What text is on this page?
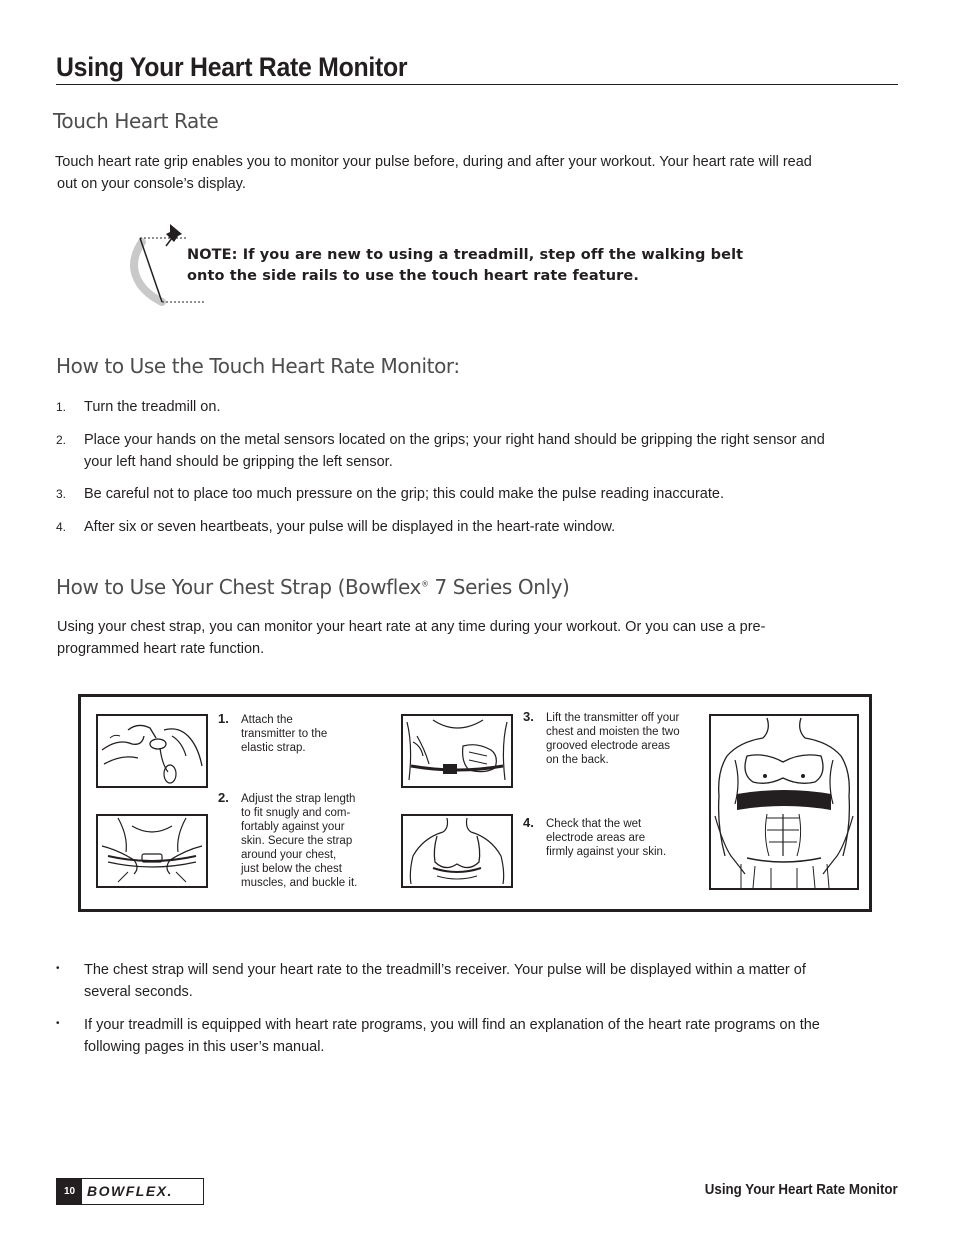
Using Your Heart Rate Monitor
Touch Heart Rate
Touch heart rate grip enables you to monitor your pulse before, during and after your workout. Your heart rate will read
out on your console’s display.
NOTE: If you are new to using a treadmill, step off the walking belt
onto the side rails to use the touch heart rate feature.
How to Use the Touch Heart Rate Monitor:
1. Turn the treadmill on.
2. Place your hands on the metal sensors located on the grips; your right hand should be gripping the right sensor and
your left hand should be gripping the left sensor.
3. Be careful not to place too much pressure on the grip; this could make the pulse reading inaccurate.
4. After six or seven heartbeats, your pulse will be displayed in the heart-rate window.
How to Use Your Chest Strap (Bowflex® 7 Series Only)
Using your chest strap, you can monitor your heart rate at any time during your workout. Or you can use a pre-
programmed heart rate function.
1. Attach the
transmitter to the
elastic strap.
2. Adjust the strap length
to fit snugly and com-
fortably against your
skin. Secure the strap
around your chest,
just below the chest
muscles, and buckle it.
3. Lift the transmitter off your
chest and moisten the two
grooved electrode areas
on the back.
4. Check that the wet
electrode areas are
firmly against your skin.
• The chest strap will send your heart rate to the treadmill’s receiver. Your pulse will be displayed within a matter of
several seconds.
• If your treadmill is equipped with heart rate programs, you will find an explanation of the heart rate programs on the
following pages in this user’s manual.
10 BOWFLEX.	Using Your Heart Rate Monitor
